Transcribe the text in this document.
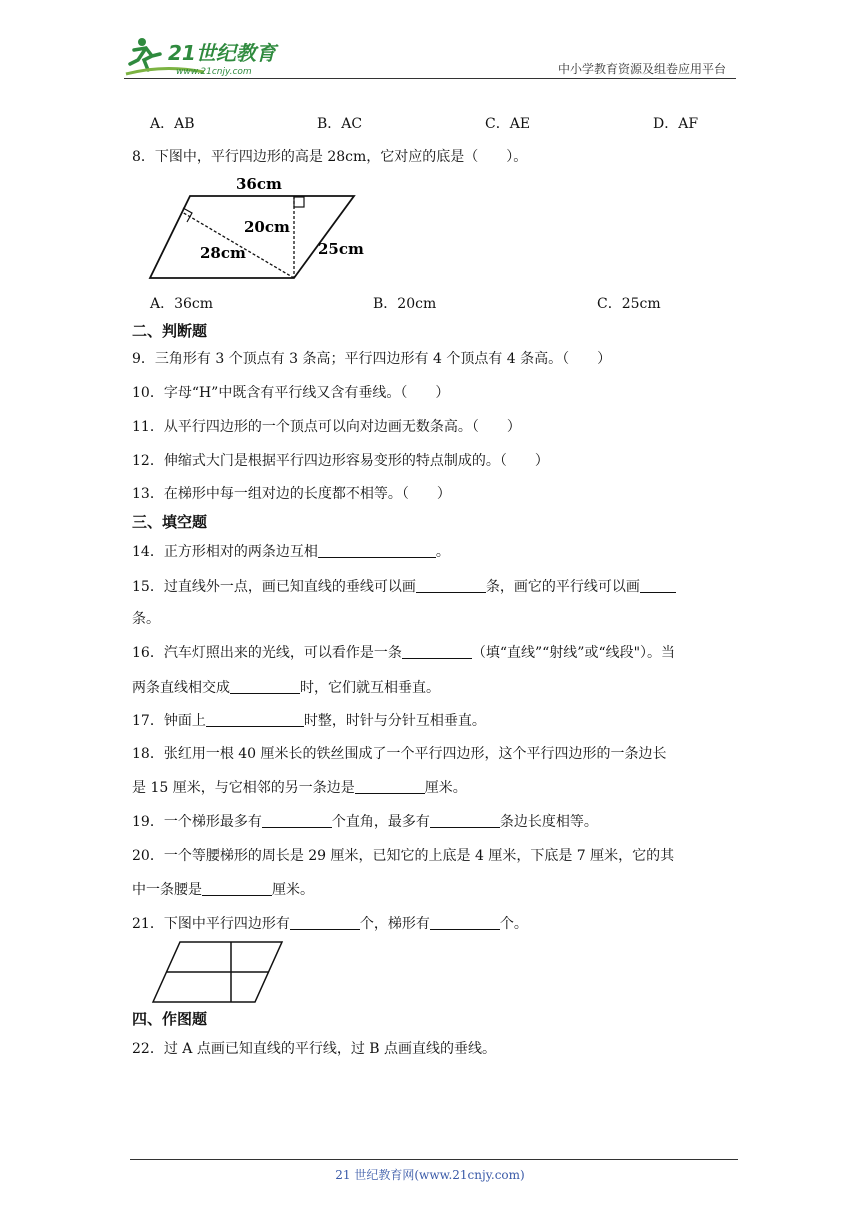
21世纪教育
www.21cnjy.com	中小学教育资源及组卷应用平台
A．AB	B．AC	C．AE	D．AF
8．下图中，平行四边形的高是 28cm，它对应的底是（　　）。
36cm
20cm
28cm	25cm
A．36cm	B．20cm	C．25cm
二、判断题
9．三角形有 3 个顶点有 3 条高；平行四边形有 4 个顶点有 4 条高。（　　）
10．字母“H”中既含有平行线又含有垂线。（　　）
11．从平行四边形的一个顶点可以向对边画无数条高。（　　）
12．伸缩式大门是根据平行四边形容易变形的特点制成的。（　　）
13．在梯形中每一组对边的长度都不相等。（　　）
三、填空题
14．正方形相对的两条边互相	。
15．过直线外一点，画已知直线的垂线可以画	条，画它的平行线可以画
条。
16．汽车灯照出来的光线，可以看作是一条	（填“直线”“射线”或“线段"）。当
两条直线相交成	时，它们就互相垂直。
17．钟面上	时整，时针与分针互相垂直。
18．张红用一根 40 厘米长的铁丝围成了一个平行四边形，这个平行四边形的一条边长
是 15 厘米，与它相邻的另一条边是	厘米。
19．一个梯形最多有	个直角，最多有	条边长度相等。
20．一个等腰梯形的周长是 29 厘米，已知它的上底是 4 厘米，下底是 7 厘米，它的其
中一条腰是	厘米。
21．下图中平行四边形有	个，梯形有	个。
四、作图题
22．过 A 点画已知直线的平行线，过 B 点画直线的垂线。
21 世纪教育网(www.21cnjy.com)
